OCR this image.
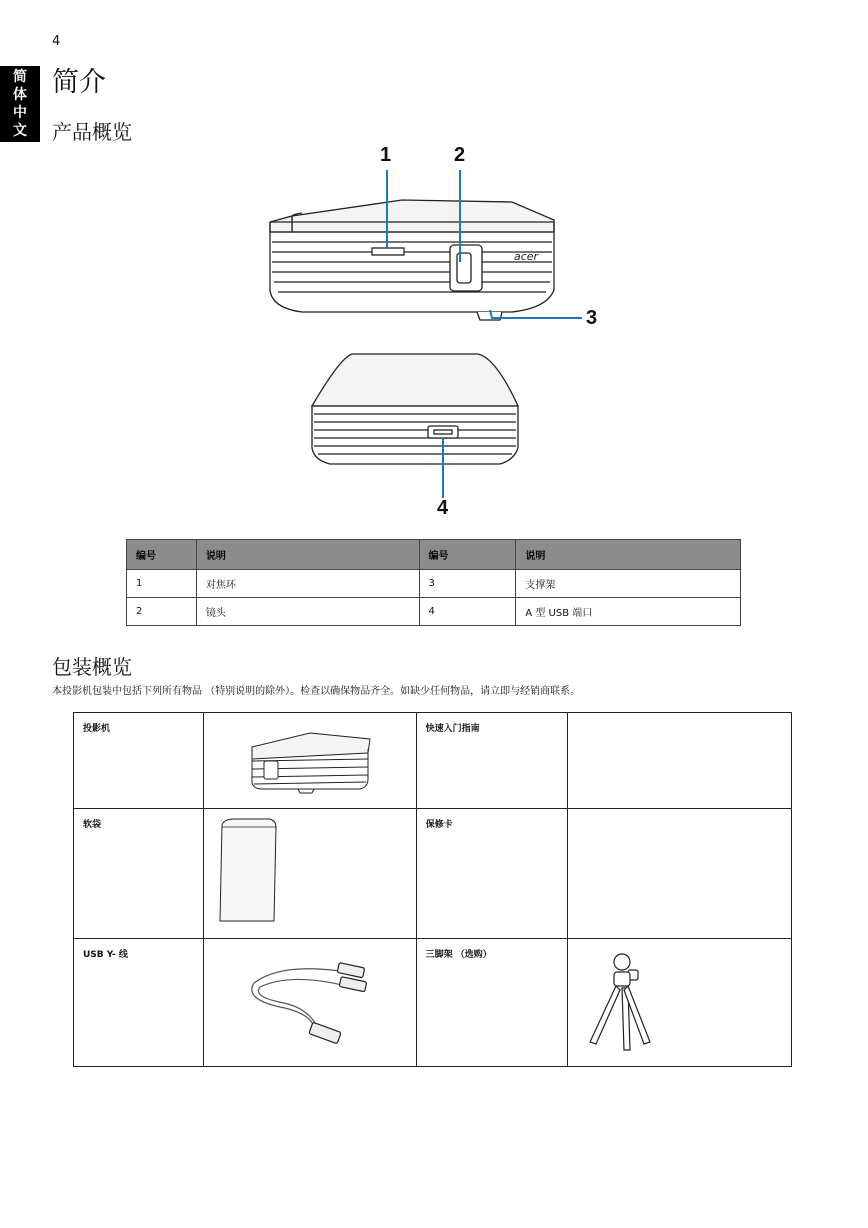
4
简
体
中
文
简介
产品概览
acer
1	2
3
4
编号	说明	编号	说明
1	对焦环	3	支撑架
2	镜头	4	A 型 USB 端口
包装概览
本投影机包装中包括下列所有物品 （特别说明的除外）。检查以确保物品齐全。如缺少任何物品，请立即与经销商联系。
投影机		快速入门指南	
软袋		保修卡	
USB Y- 线		三脚架 （选购）	
